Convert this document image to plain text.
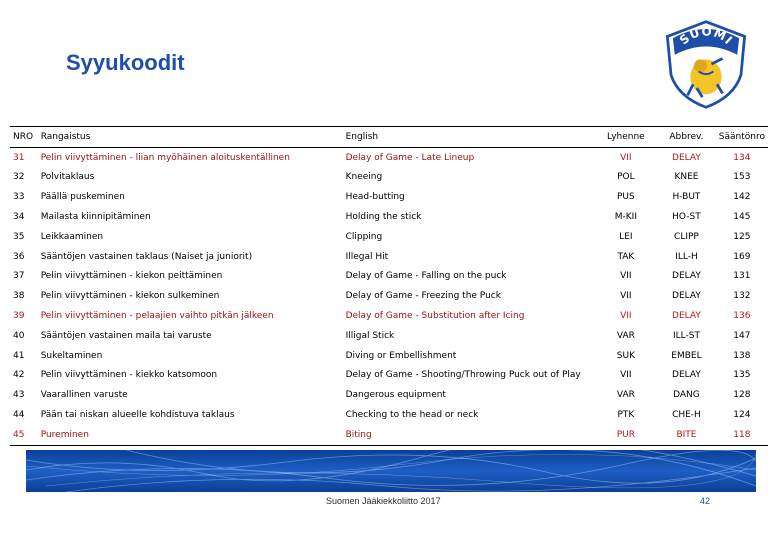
Syyukoodit
SUOMI
NRO	Rangaistus	English	Lyhenne	Abbrev.	Sääntönro
31	Pelin viivyttäminen - liian myöhäinen aloituskentällinen	Delay of Game - Late Lineup	VII	DELAY	134
32	Polvitaklaus	Kneeing	POL	KNEE	153
33	Päällä puskeminen	Head-butting	PUS	H-BUT	142
34	Mailasta kiinnipitäminen	Holding the stick	M-KII	HO-ST	145
35	Leikkaaminen	Clipping	LEI	CLIPP	125
36	Sääntöjen vastainen taklaus (Naiset ja juniorit)	Illegal Hit	TAK	ILL-H	169
37	Pelin viivyttäminen - kiekon peittäminen	Delay of Game - Falling on the puck	VII	DELAY	131
38	Pelin viivyttäminen - kiekon sulkeminen	Delay of Game - Freezing the Puck	VII	DELAY	132
39	Pelin viivyttäminen - pelaajien vaihto pitkän jälkeen	Delay of Game - Substitution after Icing	VII	DELAY	136
40	Sääntöjen vastainen maila tai varuste	Illigal Stick	VAR	ILL-ST	147
41	Sukeltaminen	Diving or Embellishment	SUK	EMBEL	138
42	Pelin viivyttäminen - kiekko katsomoon	Delay of Game - Shooting/Throwing Puck out of Play	VII	DELAY	135
43	Vaarallinen varuste	Dangerous equipment	VAR	DANG	128
44	Pään tai niskan alueelle kohdistuva taklaus	Checking to the head or neck	PTK	CHE-H	124
45	Pureminen	Biting	PUR	BITE	118
Suomen Jääkiekkoliitto 2017	42
